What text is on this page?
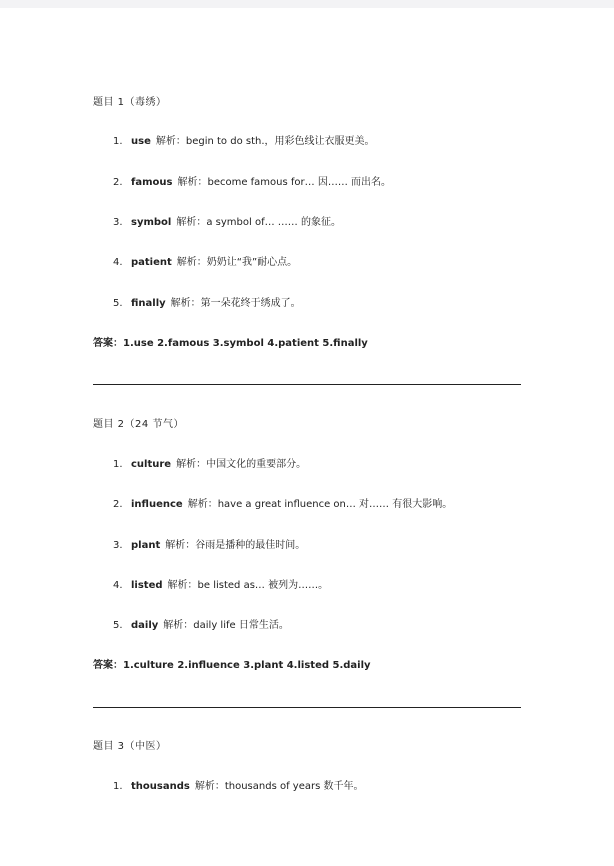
题目 1（毒绣）
1. use 解析：begin to do sth.，用彩色线让衣服更美。
2. famous 解析：become famous for… 因…… 而出名。
3. symbol 解析：a symbol of… …… 的象征。
4. patient 解析：奶奶让“我”耐心点。
5. finally 解析：第一朵花终于绣成了。
答案：1.use 2.famous 3.symbol 4.patient 5.finally
题目 2（24 节气）
1. culture 解析：中国文化的重要部分。
2. influence 解析：have a great influence on… 对…… 有很大影响。
3. plant 解析：谷雨是播种的最佳时间。
4. listed 解析：be listed as… 被列为……。
5. daily 解析：daily life 日常生活。
答案：1.culture 2.influence 3.plant 4.listed 5.daily
题目 3（中医）
1. thousands 解析：thousands of years 数千年。
